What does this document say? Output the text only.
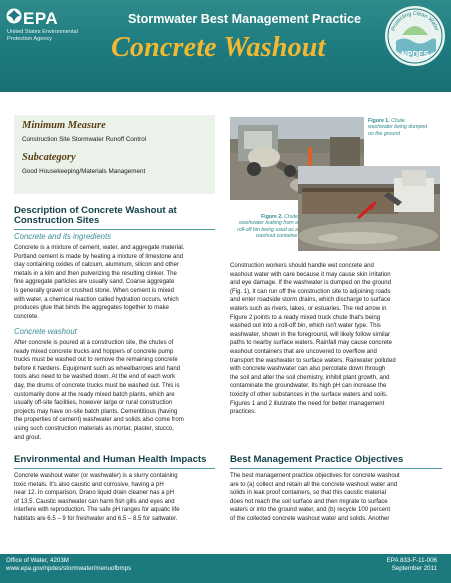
EPA
United States Environmental Protection Agency
Stormwater Best Management Practice
Concrete Washout
Protecting Clean Water
NPDES
Minimum Measure
Construction Site Stormwater Runoff Control
Subcategory
Good Housekeeping/Materials Management
Description of Concrete Washout at
Construction Sites
Concrete and its ingredients
Concrete is a mixture of cement, water, and aggregate material.
Portland cement is made by heating a mixture of limestone and
clay containing oxides of calcium, aluminum, silicon and other
metals in a kiln and then pulverizing the resulting clinker. The
fine aggregate particles are usually sand. Coarse aggregate
is generally gravel or crushed stone. When cement is mixed
with water, a chemical reaction called hydration occurs, which
produces glue that binds the aggregates together to make
concrete.
Concrete washout
After concrete is poured at a construction site, the chutes of
ready mixed concrete trucks and hoppers of concrete pump
trucks must be washed out to remove the remaining concrete
before it hardens. Equipment such as wheelbarrows and hand
tools also need to be washed down. At the end of each work
day, the drums of concrete trucks must be washed out. This is
customarily done at the ready mixed batch plants, which are
usually off-site facilities, however large or rural construction
projects may have on-site batch plants. Cementitious (having
the properties of cement) washwater and solids also come from
using such construction materials as mortar, plaster, stucco,
and grout.
Environmental and Human Health Impacts
Concrete washout water (or washwater) is a slurry containing
toxic metals. It's also caustic and corrosive, having a pH
near 12. In comparison, Drano liquid drain cleaner has a pH
of 13.5. Caustic washwater can harm fish gills and eyes and
interfere with reproduction. The safe pH ranges for aquatic life
habitats are 6.5 – 9 for freshwater and 6.5 – 8.5 for saltwater.
Figure 1. Chute
washwater being dumped
on the ground
Figure 2. Chute
washwater leaking from a
roll-off bin being used as a
washout container
Construction workers should handle wet concrete and
washout water with care because it may cause skin irritation
and eye damage. If the washwater is dumped on the ground
(Fig. 1), it can run off the construction site to adjoining roads
and enter roadside storm drains, which discharge to surface
waters such as rivers, lakes, or estuaries. The red arrow in
Figure 2 points to a ready mixed truck chute that's being
washed out into a roll-off bin, which isn't water type. This
washwater, shown in the foreground, will likely follow similar
paths to nearby surface waters. Rainfall may cause concrete
washout containers that are uncovered to overflow and
transport the washwater to surface waters. Rainwater polluted
with concrete washwater can also percolate down through
the soil and alter the soil chemistry, inhibit plant growth, and
contaminate the groundwater. Its high pH can increase the
toxicity of other substances in the surface waters and soils.
Figures 1 and 2 illustrate the need for better management
practices.
Best Management Practice Objectives
The best management practice objectives for concrete washout
are to (a) collect and retain all the concrete washout water and
solids in leak proof containers, so that this caustic material
does not reach the soil surface and then migrate to surface
waters or into the ground water, and (b) recycle 100 percent
of the collected concrete washout water and solids. Another
Office of Water, 4203M
www.epa.gov/npdes/stormwater/menuofbmps
EPA 833-F-11-006
September 2011
